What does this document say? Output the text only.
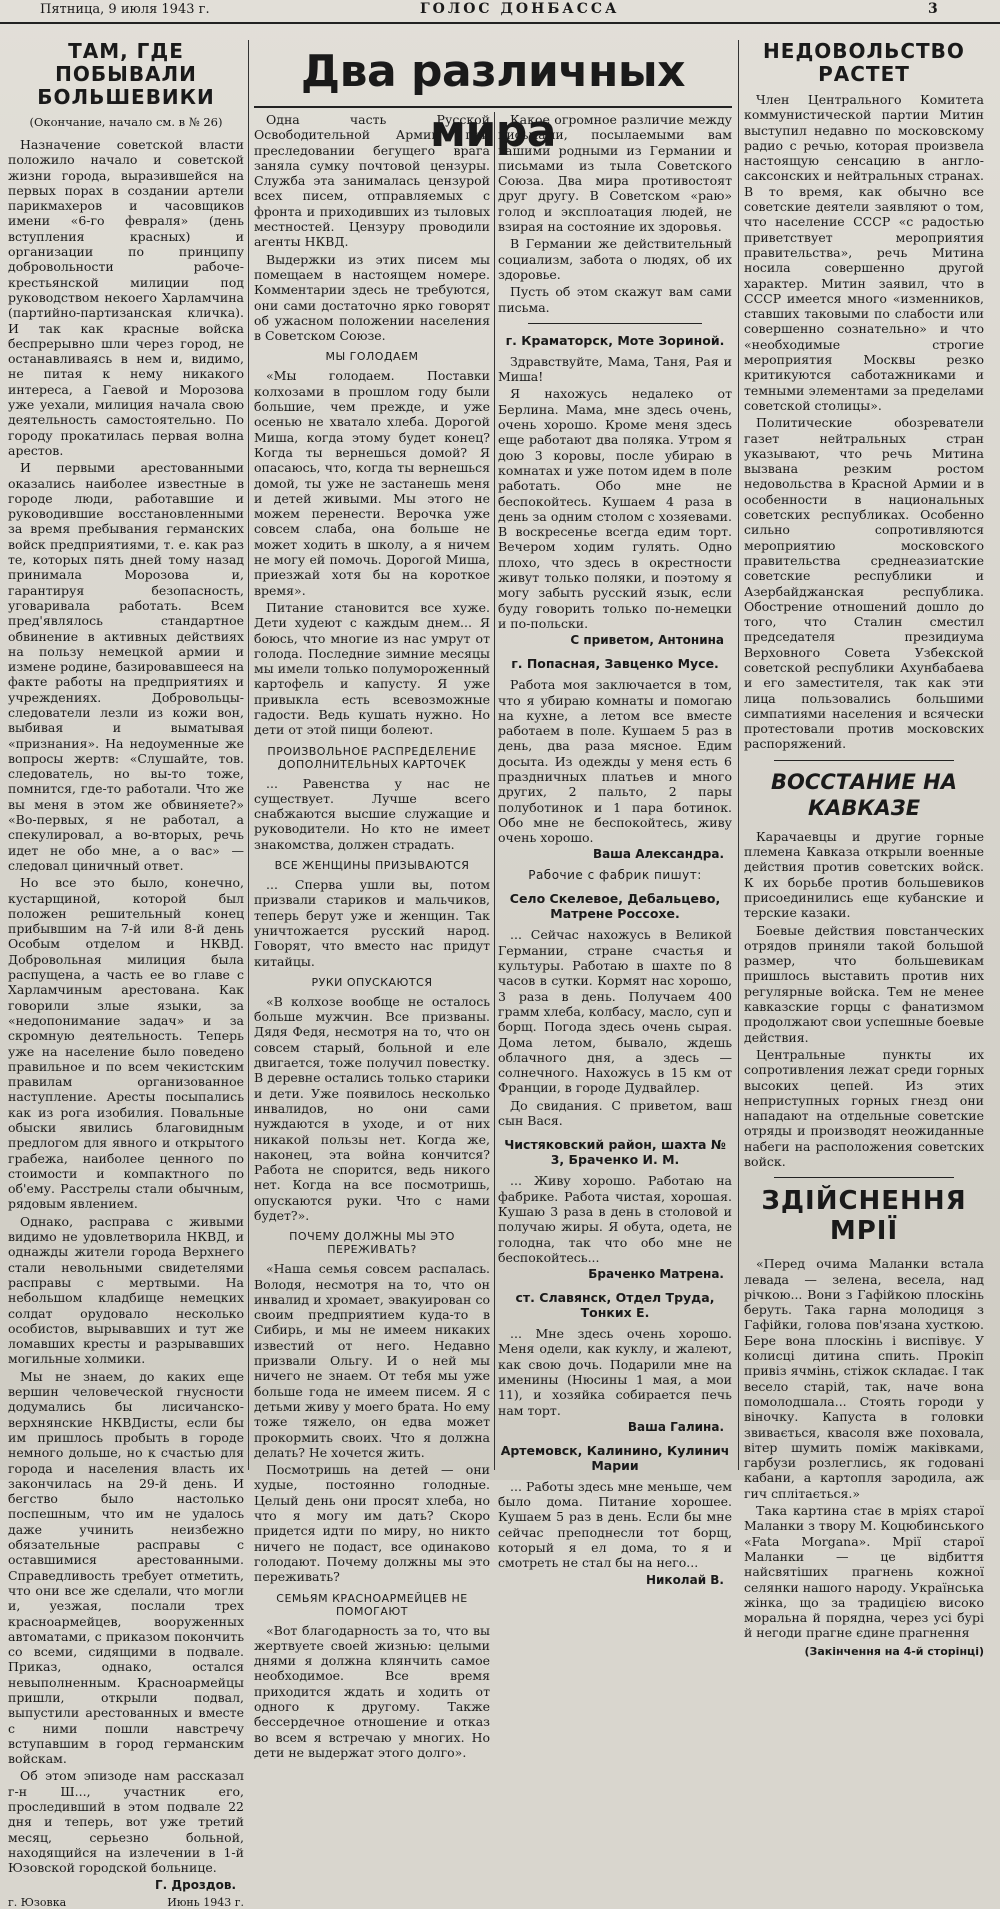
Пятница, 9 июля 1943 г.	ГОЛОС ДОНБАССА	3
ТАМ, ГДЕ ПОБЫВАЛИ БОЛЬШЕВИКИ
(Окончание, начало см. в № 26)

Назначение советской власти положило начало и советской жизни города, выразившейся на первых порах в создании артели парикмахеров и часовщиков имени «6-го февраля» (день вступления красных) и организации по принципу добровольности рабоче-крестьянской милиции под руководством некоего Харламчина (партийно-партизанская кличка). И так как красные войска беспрерывно шли через город, не останавливаясь в нем и, видимо, не питая к нему никакого интереса, а Гаевой и Морозова уже уехали, милиция начала свою деятельность самостоятельно. По городу прокатилась первая волна арестов.

И первыми арестованными оказались наиболее известные в городе люди, работавшие и руководившие восстановленными за время пребывания германских войск предприятиями, т. е. как раз те, которых пять дней тому назад принимала Морозова и, гарантируя безопасность, уговаривала работать. Всем пред'являлось стандартное обвинение в активных действиях на пользу немецкой армии и измене родине, базировавшееся на факте работы на предприятиях и учреждениях. Добровольцы-следователи лезли из кожи вон, выбивая и выматывая «признания». На недоуменные же вопросы жертв: «Слушайте, тов. следователь, но вы-то тоже, помнится, где-то работали. Что же вы меня в этом же обвиняете?» «Во-первых, я не работал, а спекулировал, а во-вторых, речь идет не обо мне, а о вас» — следовал циничный ответ.

Но все это было, конечно, кустарщиной, которой был положен решительный конец прибывшим на 7-й или 8-й день Особым отделом и НКВД. Добровольная милиция была распущена, а часть ее во главе с Харламчиным арестована. Как говорили злые языки, за «недопонимание задач» и за скромную деятельность. Теперь уже на население было поведено правильное и по всем чекистским правилам организованное наступление. Аресты посыпались как из рога изобилия. Повальные обыски явились благовидным предлогом для явного и открытого грабежа, наиболее ценного по стоимости и компактного по об'ему. Расстрелы стали обычным, рядовым явлением.

Однако, расправа с живыми видимо не удовлетворила НКВД, и однажды жители города Верхнего стали невольными свидетелями расправы с мертвыми. На небольшом кладбище немецких солдат орудовало несколько особистов, вырывавших и тут же ломавших кресты и разрывавших могильные холмики.

Мы не знаем, до каких еще вершин человеческой гнусности додумались бы лисичанско-верхнянские НКВДисты, если бы им пришлось пробыть в городе немного дольше, но к счастью для города и населения власть их закончилась на 29-й день. И бегство было настолько поспешным, что им не удалось даже учинить неизбежно обязательные расправы с оставшимися арестованными. Справедливость требует отметить, что они все же сделали, что могли и, уезжая, послали трех красноармейцев, вооруженных автоматами, с приказом покончить со всеми, сидящими в подвале. Приказ, однако, остался невыполненным. Красноармейцы пришли, открыли подвал, выпустили арестованных и вместе с ними пошли навстречу вступавшим в город германским войскам.

Об этом эпизоде нам рассказал г-н Ш..., участник его, проследивший в этом подвале 22 дня и теперь, вот уже третий месяц, серьезно больной, находящийся на излечении в 1-й Юзовской городской больнице.

Г. Дроздов.
г. Юзовка	Июнь 1943 г.
Два различных мира

Одна часть Русской Освободительной Армии при преследовании бегущего врага заняла сумку почтовой цензуры. Служба эта занималась цензурой всех писем, отправляемых с фронта и приходивших из тыловых местностей. Цензуру проводили агенты НКВД.

Выдержки из этих писем мы помещаем в настоящем номере. Комментарии здесь не требуются, они сами достаточно ярко говорят об ужасном положении населения в Советском Союзе.

МЫ ГОЛОДАЕМ

«Мы голодаем. Поставки колхозами в прошлом году были большие, чем прежде, и уже осенью не хватало хлеба. Дорогой Миша, когда этому будет конец? Когда ты вернешься домой? Я опасаюсь, что, когда ты вернешься домой, ты уже не застанешь меня и детей живыми. Мы этого не можем перенести. Верочка уже совсем слаба, она больше не может ходить в школу, а я ничем не могу ей помочь. Дорогой Миша, приезжай хотя бы на короткое время».

Питание становится все хуже. Дети худеют с каждым днем... Я боюсь, что многие из нас умрут от голода. Последние зимние месяцы мы имели только полумороженный картофель и капусту. Я уже привыкла есть всевозможные гадости. Ведь кушать нужно. Но дети от этой пищи болеют.

ПРОИЗВОЛЬНОЕ РАСПРЕДЕЛЕНИЕ ДОПОЛНИТЕЛЬНЫХ КАРТОЧЕК

... Равенства у нас не существует. Лучше всего снабжаются высшие служащие и руководители. Но кто не имеет знакомства, должен страдать.

ВСЕ ЖЕНЩИНЫ ПРИЗЫВАЮТСЯ

... Сперва ушли вы, потом призвали стариков и мальчиков, теперь берут уже и женщин. Так уничтожается русский народ. Говорят, что вместо нас придут китайцы.

РУКИ ОПУСКАЮТСЯ

«В колхозе вообще не осталось больше мужчин. Все призваны. Дядя Федя, несмотря на то, что он совсем старый, больной и еле двигается, тоже получил повестку. В деревне остались только старики и дети. Уже появилось несколько инвалидов, но они сами нуждаются в уходе, и от них никакой пользы нет. Когда же, наконец, эта война кончится? Работа не спорится, ведь никого нет. Когда на все посмотришь, опускаются руки. Что с нами будет?».

ПОЧЕМУ ДОЛЖНЫ МЫ ЭТО ПЕРЕЖИВАТЬ?

«Наша семья совсем распалась. Володя, несмотря на то, что он инвалид и хромает, эвакуирован со своим предприятием куда-то в Сибирь, и мы не имеем никаких известий от него. Недавно призвали Ольгу. И о ней мы ничего не знаем. От тебя мы уже больше года не имеем писем. Я с детьми живу у моего брата. Но ему тоже тяжело, он едва может прокормить своих. Что я должна делать? Не хочется жить.

Посмотришь на детей — они худые, постоянно голодные. Целый день они просят хлеба, но что я могу им дать? Скоро придется идти по миру, но никто ничего не подаст, все одинаково голодают. Почему должны мы это переживать?

СЕМЬЯМ КРАСНОАРМЕЙЦЕВ НЕ ПОМОГАЮТ

«Вот благодарность за то, что вы жертвуете своей жизнью: целыми днями я должна клянчить самое необходимое. Все время приходится ждать и ходить от одного к другому. Также бессердечное отношение и отказ во всем я встречаю у многих. Но дети не выдержат этого долго».

Какое огромное различие между письмами, посылаемыми вам вашими родными из Германии и письмами из тыла Советского Союза. Два мира противостоят друг другу. В Советском «раю» голод и эксплоатация людей, не взирая на состояние их здоровья.

В Германии же действительный социализм, забота о людях, об их здоровье.

Пусть об этом скажут вам сами письма.

г. Краматорск, Моте Зориной.

Здравствуйте, Мама, Таня, Рая и Миша!

Я нахожусь недалеко от Берлина. Мама, мне здесь очень, очень хорошо. Кроме меня здесь еще работают два поляка. Утром я дою 3 коровы, после убираю в комнатах и уже потом идем в поле работать. Обо мне не беспокойтесь. Кушаем 4 раза в день за одним столом с хозяевами. В воскресенье всегда едим торт. Вечером ходим гулять. Одно плохо, что здесь в окрестности живут только поляки, и поэтому я могу забыть русский язык, если буду говорить только по-немецки и по-польски.

С приветом, Антонина
г. Попасная, Завценко Мусе.

Работа моя заключается в том, что я убираю комнаты и помогаю на кухне, а летом все вместе работаем в поле. Кушаем 5 раз в день, два раза мясное. Едим досыта. Из одежды у меня есть 6 праздничных платьев и много других, 2 пальто, 2 пары полуботинок и 1 пара ботинок. Обо мне не беспокойтесь, живу очень хорошо.

Ваша Александра.
Рабочие с фабрик пишут:
Село Скелевое, Дебальцево, Матрене Россохе.

... Сейчас нахожусь в Великой Германии, стране счастья и культуры. Работаю в шахте по 8 часов в сутки. Кормят нас хорошо, 3 раза в день. Получаем 400 грамм хлеба, колбасу, масло, суп и борщ. Погода здесь очень сырая. Дома летом, бывало, ждешь облачного дня, а здесь — солнечного. Нахожусь в 15 км от Франции, в городе Дудвайлер.

До свидания. С приветом, ваш сын Вася.

Чистяковский район, шахта № 3, Браченко И. М.

... Живу хорошо. Работаю на фабрике. Работа чистая, хорошая. Кушаю 3 раза в день в столовой и получаю жиры. Я обута, одета, не голодна, так что обо мне не беспокойтесь...

Браченко Матрена.
ст. Славянск, Отдел Труда, Тонких Е.

... Мне здесь очень хорошо. Меня одели, как куклу, и жалеют, как свою дочь. Подарили мне на именины (Нюсины 1 мая, а мои 11), и хозяйка собирается печь нам торт.

Ваша Галина.
Артемовск, Калинино, Кулинич Марии

... Работы здесь мне меньше, чем было дома. Питание хорошее. Кушаем 5 раз в день. Если бы мне сейчас преподнесли тот борщ, который я ел дома, то я и смотреть не стал бы на него...

Николай В.
НЕДОВОЛЬСТВО РАСТЕТ

Член Центрального Комитета коммунистической партии Митин выступил недавно по московскому радио с речью, которая произвела настоящую сенсацию в англо-саксонских и нейтральных странах. В то время, как обычно все советские деятели заявляют о том, что население СССР «с радостью приветствует мероприятия правительства», речь Митина носила совершенно другой характер. Митин заявил, что в СССР имеется много «изменников, ставших таковыми по слабости или совершенно сознательно» и что «необходимые строгие мероприятия Москвы резко критикуются саботажниками и темными элементами за пределами советской столицы».

Политические обозреватели газет нейтральных стран указывают, что речь Митина вызвана резким ростом недовольства в Красной Армии и в особенности в национальных советских республиках. Особенно сильно сопротивляются мероприятию московского правительства среднеазиатские советские республики и Азербайджанская республика. Обострение отношений дошло до того, что Сталин сместил председателя президиума Верховного Совета Узбекской советской республики Ахунбабаева и его заместителя, так как эти лица пользовались большими симпатиями населения и всячески протестовали против московских распоряжений.

ВОССТАНИЕ НА КАВКАЗЕ

Карачаевцы и другие горные племена Кавказа открыли военные действия против советских войск. К их борьбе против большевиков присоединились еще кубанские и терские казаки.

Боевые действия повстанческих отрядов приняли такой большой размер, что большевикам пришлось выставить против них регулярные войска. Тем не менее кавказские горцы с фанатизмом продолжают свои успешные боевые действия.

Центральные пункты их сопротивления лежат среди горных высоких цепей. Из этих неприступных горных гнезд они нападают на отдельные советские отряды и производят неожиданные набеги на расположения советских войск.

ЗДІЙСНЕННЯ МРІЇ

«Перед очима Маланки встала левада — зелена, весела, над річкою... Вони з Гафійкою плоскінь беруть. Така гарна молодиця з Гафійки, голова пов'язана хусткою. Бере вона плоскінь і виспівує. У колисці дитина спить. Прокіп привіз ячмінь, стіжок складає. І так весело старій, так, наче вона помолодшала... Стоять городи у віночку. Капуста в головки звивається, квасоля вже поховала, вітер шумить поміж маківками, гарбузи розлеглись, як годовані кабани, а картопля зародила, аж гич сплітається.»

Така картина стає в мріях старої Маланки з твору М. Коцюбинського «Fata Morgana». Мрії старої Маланки — це відбиття найсвятіших прагнень кожної селянки нашого народу. Українська жінка, що за традицією високо моральна й порядна, через усі бурі й негоди прагне єдине прагнення

(Закінчення на 4-й сторінці)
